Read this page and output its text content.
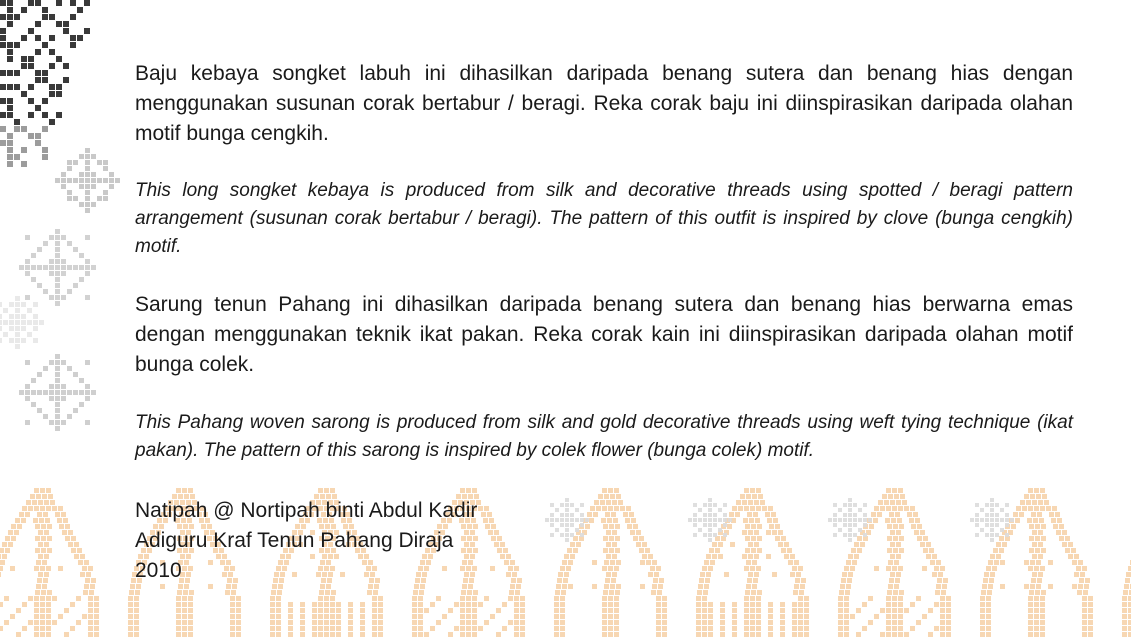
Baju kebaya songket labuh ini dihasilkan daripada benang sutera dan benang hias dengan menggunakan susunan corak bertabur / beragi. Reka corak baju ini diinspirasikan daripada olahan motif bunga cengkih.

This long songket kebaya is produced from silk and decorative threads using spotted / beragi pattern arrangement (susunan corak bertabur / beragi). The pattern of this outfit is inspired by clove (bunga cengkih) motif.

Sarung tenun Pahang ini dihasilkan daripada benang sutera dan benang hias berwarna emas dengan menggunakan teknik ikat pakan. Reka corak kain ini diinspirasikan daripada olahan motif bunga colek.

This Pahang woven sarong is produced from silk and gold decorative threads using weft tying technique (ikat pakan). The pattern of this sarong is inspired by colek flower (bunga colek) motif.

Natipah @ Nortipah binti Abdul Kadir
Adiguru Kraf Tenun Pahang Diraja
2010
